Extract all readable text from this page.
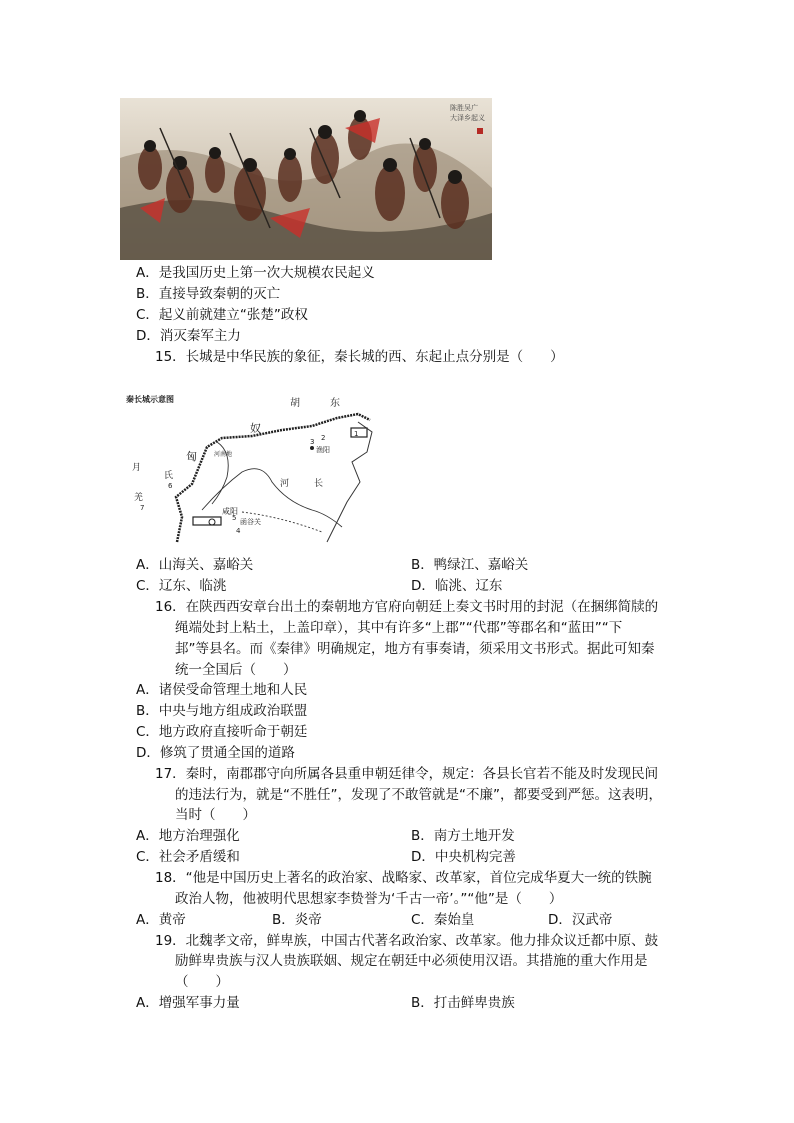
陈胜吴广
大泽乡起义
A．是我国历史上第一次大规模农民起义
B．直接导致秦朝的灭亡
C．起义前就建立“张楚”政权
D．消灭秦军主力
15．长城是中华民族的象征，秦长城的西、东起止点分别是（　　）
秦长城示意图	胡	东
奴
匈
月
氏
羌
河南地
咸阳
函谷关
渔阳
河	长
1
2
3
4
5
6
7
A．山海关、嘉峪关	B．鸭绿江、嘉峪关
C．辽东、临洮	D．临洮、辽东
16．在陕西西安章台出土的秦朝地方官府向朝廷上奏文书时用的封泥（在捆绑简牍的
绳端处封上粘土，上盖印章），其中有许多“上郡”“代郡”等郡名和“蓝田”“下
邽”等县名。而《秦律》明确规定，地方有事奏请，须采用文书形式。据此可知秦
统一全国后（　　）
A．诸侯受命管理土地和人民
B．中央与地方组成政治联盟
C．地方政府直接听命于朝廷
D．修筑了贯通全国的道路
17．秦时，南郡郡守向所属各县重申朝廷律令，规定：各县长官若不能及时发现民间
的违法行为，就是“不胜任”，发现了不敢管就是“不廉”，都要受到严惩。这表明，
当时（　　）
A．地方治理强化	B．南方土地开发
C．社会矛盾缓和	D．中央机构完善
18．“他是中国历史上著名的政治家、战略家、改革家，首位完成华夏大一统的铁腕
政治人物，他被明代思想家李贽誉为‘千古一帝’。”“他”是（　　）
A．黄帝	B．炎帝	C．秦始皇	D．汉武帝
19．北魏孝文帝，鲜卑族，中国古代著名政治家、改革家。他力排众议迁都中原、鼓
励鲜卑贵族与汉人贵族联姻、规定在朝廷中必须使用汉语。其措施的重大作用是
（　　）
A．增强军事力量	B．打击鲜卑贵族
